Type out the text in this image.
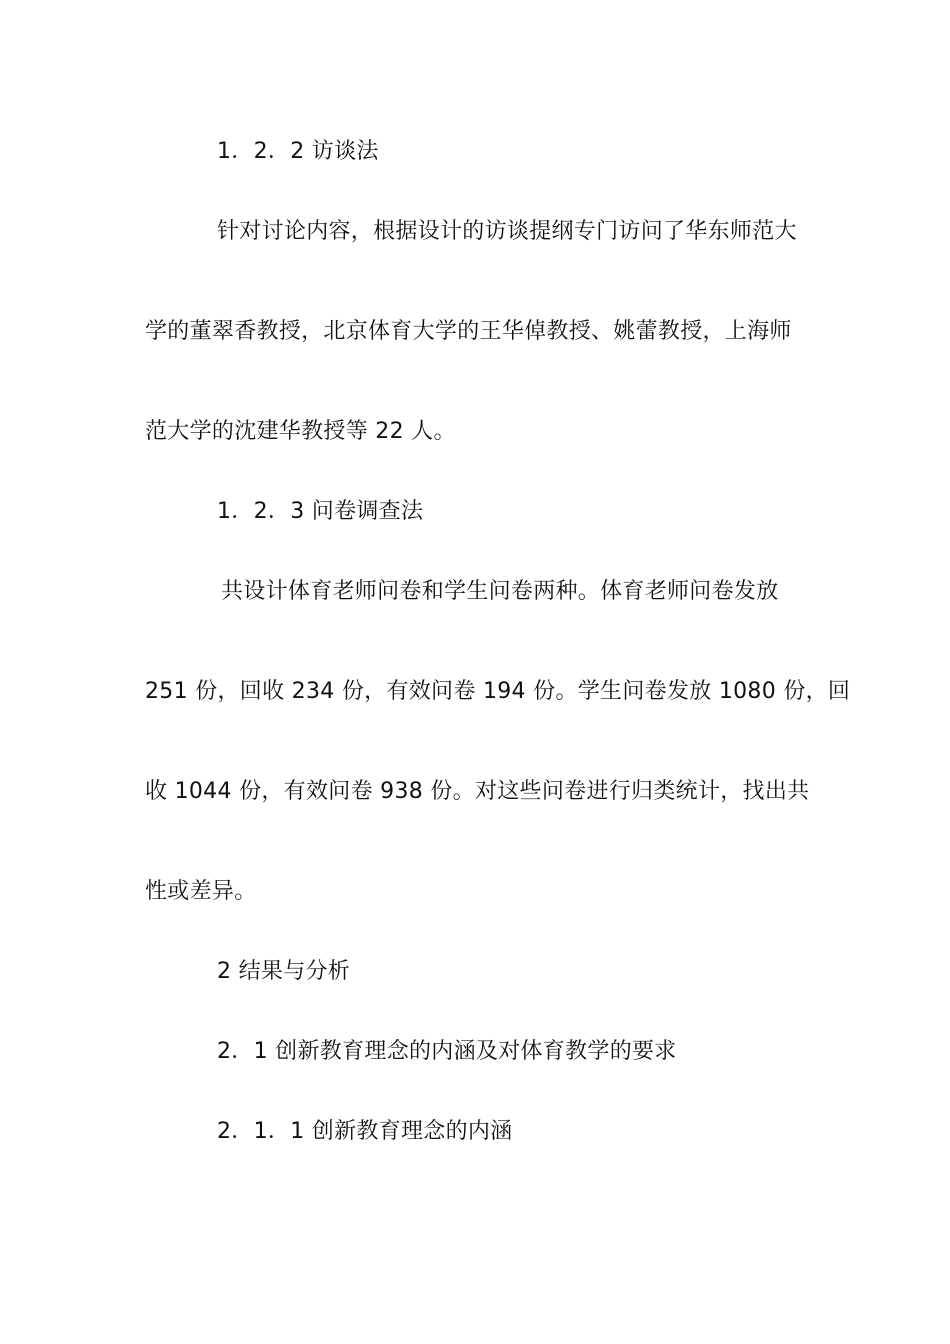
1．2．2 访谈法
针对讨论内容，根据设计的访谈提纲专门访问了华东师范大
学的董翠香教授，北京体育大学的王华倬教授、姚蕾教授，上海师
范大学的沈建华教授等 22 人。
1．2．3 问卷调查法
共设计体育老师问卷和学生问卷两种。体育老师问卷发放
251 份，回收 234 份，有效问卷 194 份。学生问卷发放 1080 份，回
收 1044 份，有效问卷 938 份。对这些问卷进行归类统计，找出共
性或差异。
2 结果与分析
2．1 创新教育理念的内涵及对体育教学的要求
2．1．1 创新教育理念的内涵
